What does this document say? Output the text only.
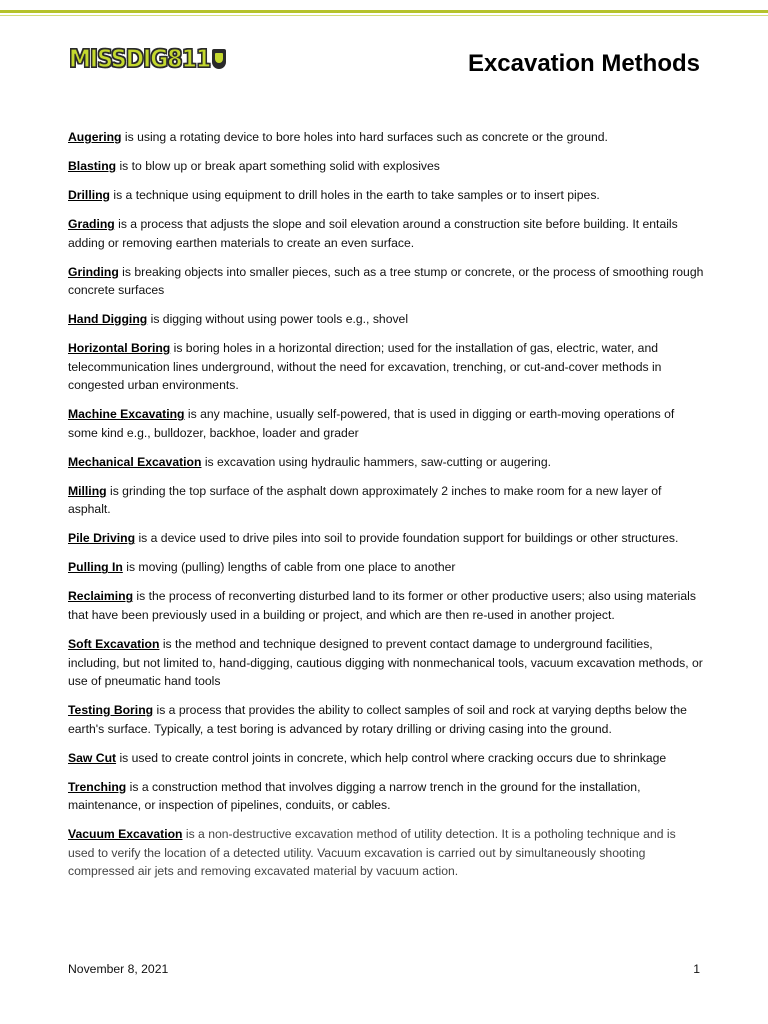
MISSDIG811	Excavation Methods

Augering is using a rotating device to bore holes into hard surfaces such as concrete or the ground.

Blasting is to blow up or break apart something solid with explosives

Drilling is a technique using equipment to drill holes in the earth to take samples or to insert pipes.

Grading is a process that adjusts the slope and soil elevation around a construction site before building. It entails adding or removing earthen materials to create an even surface.

Grinding is breaking objects into smaller pieces, such as a tree stump or concrete, or the process of smoothing rough concrete surfaces

Hand Digging is digging without using power tools e.g., shovel

Horizontal Boring is boring holes in a horizontal direction; used for the installation of gas, electric, water, and telecommunication lines underground, without the need for excavation, trenching, or cut-and-cover methods in congested urban environments.

Machine Excavating is any machine, usually self-powered, that is used in digging or earth-moving operations of some kind e.g., bulldozer, backhoe, loader and grader

Mechanical Excavation is excavation using hydraulic hammers, saw-cutting or augering.

Milling is grinding the top surface of the asphalt down approximately 2 inches to make room for a new layer of asphalt.

Pile Driving is a device used to drive piles into soil to provide foundation support for buildings or other structures.

Pulling In is moving (pulling) lengths of cable from one place to another

Reclaiming is the process of reconverting disturbed land to its former or other productive users; also using materials that have been previously used in a building or project, and which are then re-used in another project.

Soft Excavation is the method and technique designed to prevent contact damage to underground facilities, including, but not limited to, hand-digging, cautious digging with nonmechanical tools, vacuum excavation methods, or use of pneumatic hand tools

Testing Boring is a process that provides the ability to collect samples of soil and rock at varying depths below the earth's surface. Typically, a test boring is advanced by rotary drilling or driving casing into the ground.

Saw Cut is used to create control joints in concrete, which help control where cracking occurs due to shrinkage

Trenching is a construction method that involves digging a narrow trench in the ground for the installation, maintenance, or inspection of pipelines, conduits, or cables.

Vacuum Excavation is a non-destructive excavation method of utility detection. It is a potholing technique and is used to verify the location of a detected utility. Vacuum excavation is carried out by simultaneously shooting compressed air jets and removing excavated material by vacuum action.

November 8, 2021	1
